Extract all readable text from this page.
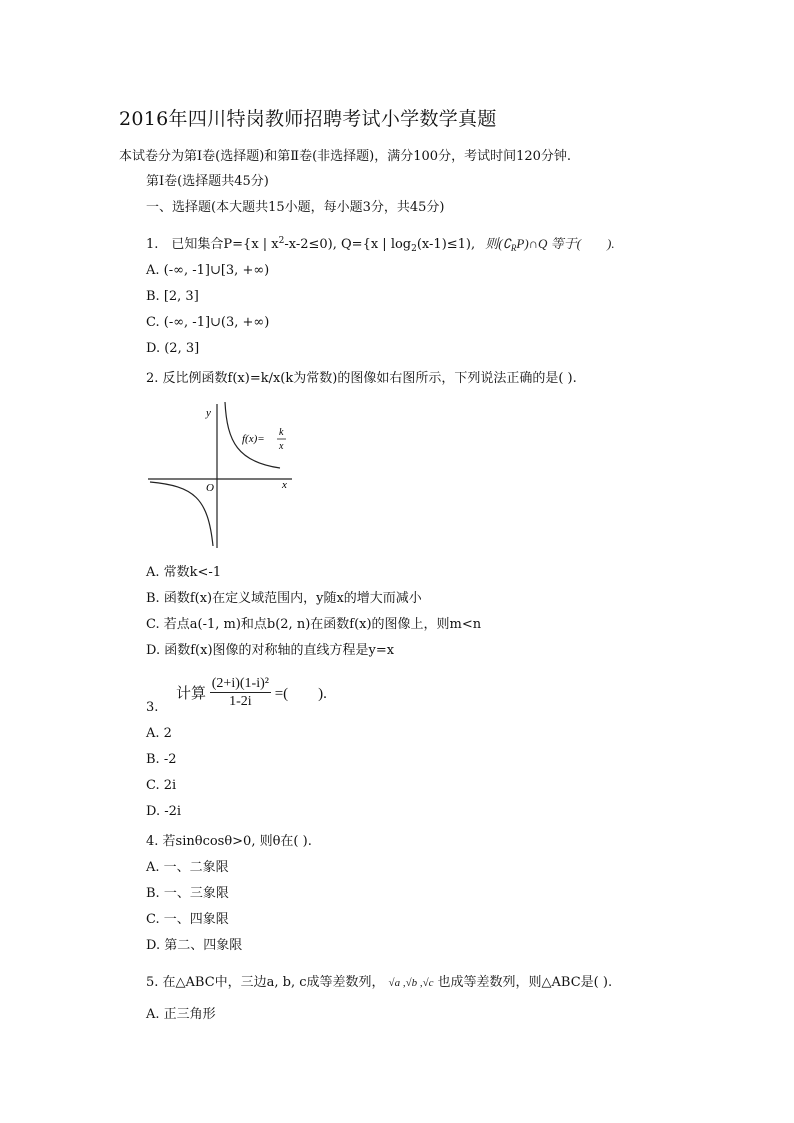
2016年四川特岗教师招聘考试小学数学真题
本试卷分为第Ⅰ卷(选择题)和第Ⅱ卷(非选择题)，满分100分，考试时间120分钟.
第Ⅰ卷(选择题共45分)
一、选择题(本大题共15小题，每小题3分，共45分)
1.　已知集合P={x | $x^2-x-2\le 0$), Q={x | $\log_2(x-1)\le 1$), 则$(∁_RP)\cap Q$ 等于(　　).
A. (-∞, -1]∪[3, +∞)
B. [2, 3]
C. (-∞, -1]∪(3, +∞)
D. (2, 3]
2. 反比例函数f(x)=k/x(k为常数)的图像如右图所示，下列说法正确的是( ).
y
x
O
f(x)=
k
x
A. 常数k<-1
B. 函数f(x)在定义域范围内，y随x的增大而减小
C. 若点a(-1, m)和点b(2, n)在函数f(x)的图像上，则m<n
D. 函数f(x)图像的对称轴的直线方程是y=x
计算 $\frac{\text{(2+i)(1-i)²}}{1-2i}$ =(　　).
3.
A. 2
B. -2
C. 2i
D. -2i
4. 若sinθcosθ>0, 则θ在( ).
A. 一、二象限
B. 一、三象限
C. 一、四象限
D. 第二、四象限
5. 在△ABC中，三边a, b, c成等差数列， √a ,√b ,√c 也成等差数列，则△ABC是( ).
A. 正三角形
